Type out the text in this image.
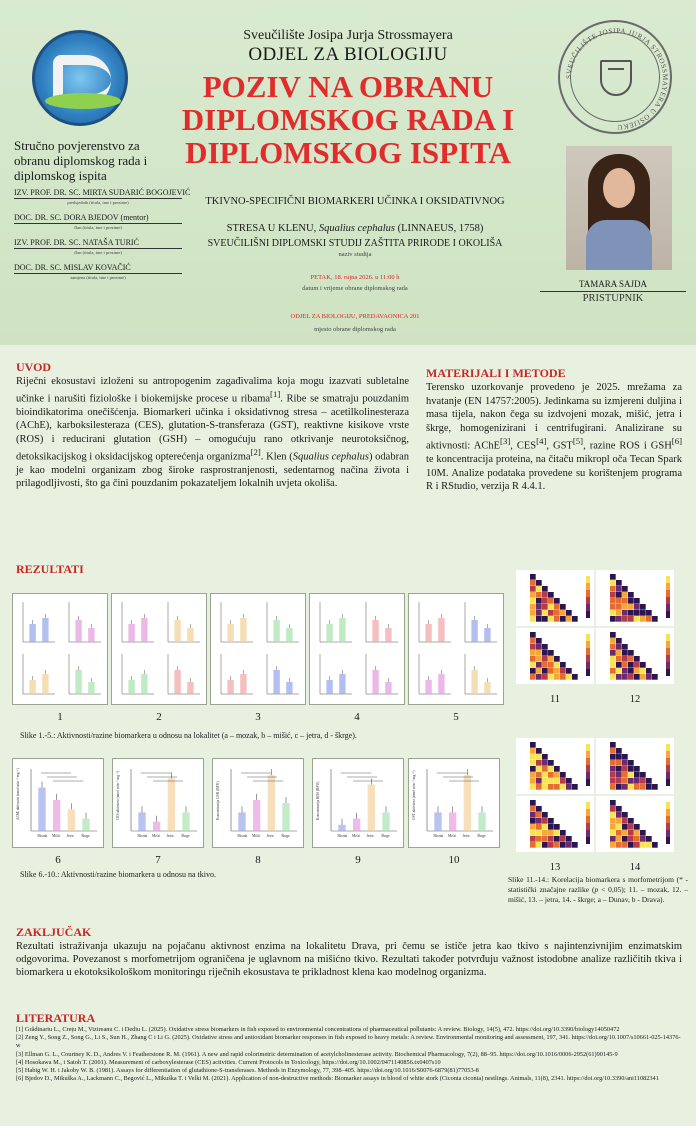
SVEUČILIŠTE JOSIPA JURJA STROSSMAYERA U OSIJEKU
Sveučilište Josipa Jurja Strossmayera
ODJEL ZA BIOLOGIJU
POZIV NA OBRANU
DIPLOMSKOG RADA I
DIPLOMSKOG ISPITA
Stručno povjerenstvo za obranu diplomskog rada i diplomskog ispita
IZV. PROF. DR. SC. MIRTA SUDARIĆ BOGOJEVIĆ
predsjednik (titula, ime i prezime)
DOC. DR. SC. DORA BJEDOV (mentor)
član (titula, ime i prezime)
IZV. PROF. DR. SC. NATAŠA TURIĆ
član (titula, ime i prezime)
DOC. DR. SC. MISLAV KOVAČIĆ
zamjena (titula, ime i prezime)
TKIVNO-SPECIFIČNI BIOMARKERI UČINKA I OKSIDATIVNOG
STRESA U KLENU, Squalius cephalus (LINNAEUS, 1758)
SVEUČILIŠNI DIPLOMSKI STUDIJ ZAŠTITA PRIRODE I OKOLIŠA
naziv studija
PETAK, 18. rujna 2026. u 11:00 h
datum i vrijeme obrane diplomskog rada
ODJEL ZA BIOLOGIJU, PREDAVAONICA 201
mjesto obrane diplomskog rada
TAMARA SAJDA
PRISTUPNIK
UVOD
Riječni ekosustavi izloženi su antropogenim zagađivalima koja mogu izazvati subletalne učinke i narušiti fiziološke i biokemijske procese u ribama[1]. Ribe se smatraju pouzdanim bioindikatorima onečišćenja. Biomarkeri učinka i oksidativnog stresa – acetilkolinesteraza (AChE), karboksilesteraza (CES), glutation-S-transferaza (GST), reaktivne kisikove vrste (ROS) i reducirani glutation (GSH) – omogućuju rano otkrivanje neurotoksičnog, detoksikacijskog i oksidacijskog opterećenja organizma[2]. Klen (Squalius cephalus) odabran je kao modelni organizam zbog široke rasprostranjenosti, sedentarnog načina života i prilagodljivosti, što ga čini pouzdanim pokazateljem lokalnih uvjeta okoliša.
MATERIJALI I METODE
Terensko uzorkovanje provedeno je 2025. mrežama za hvatanje (EN 14757:2005). Jedinkama su izmjereni duljina i masa tijela, nakon čega su izdvojeni mozak, mišić, jetra i škrge, homogenizirani i centrifugirani. Analizirane su aktivnosti: AChE[3], CES[4], GST[5], razine ROS i GSH[6] te koncentracija proteina, na čitaču mikropl oča Tecan Spark 10M. Analize podataka provedene su korištenjem programa R i RStudio, verzija R 4.4.1.
REZULTATI
1	2	3	4	5
Slike 1.-5.: Aktivnosti/razine biomarkera u odnosu na lokalitet (a – mozak, b – mišić, c – jetra, d - škrge).
AChE aktivnost (nmol min⁻¹ mg⁻¹)
Mozak Mišić Jetra Škrge
CES aktivnost (nmol min⁻¹ mg⁻¹)
Mozak Mišić Jetra Škrge
Koncentracija GSH (RFU)
Mozak Mišić Jetra Škrge
Koncentracija ROS (RFU)
Mozak Mišić Jetra Škrge
GST aktivnost (nmol min⁻¹ mg⁻¹)
Mozak Mišić Jetra Škrge
6	7	8	9	10
Slike 6.-10.: Aktivnosti/razine biomarkera u odnosu na tkivo.
11	12
13	14
Slike 11.-14.: Korelacija biomarkera s morfometrijom (* - statistički značajne razlike (p < 0,05); 11. – mozak, 12. – mišić, 13. – jetra, 14. - škrge; a – Dunav, b - Drava).
ZAKLJUČAK
Rezultati istraživanja ukazuju na pojačanu aktivnost enzima na lokalitetu Drava, pri čemu se ističe jetra kao tkivo s najintenzivnijim enzimatskim odgovorima. Povezanost s morfometrijom ograničena je uglavnom na mišićno tkivo. Rezultati također potvrđuju važnost istodobne analize različitih tkiva i biomarkera u ekotoksikološkom monitoringu riječnih ekosustava te prikladnost klena kao modelnog organizma.
LITERATURA
[1] Grădinariu L., Crețu M., Vizireanu C. i Dediu L. (2025). Oxidative stress biomarkers in fish exposed to environmental concentrations of pharmaceutical pollutants: A review. Biology, 14(5), 472. https://doi.org/10.3390/biology14050472
[2] Zeng Y., Song Z., Song G., Li S., Sun H., Zhang C i Li G. (2025). Oxidative stress and antioxidant biomarker responses in fish exposed to heavy metals: A review. Environmental monitoring and assessment, 197, 341. https://doi.org/10.1007/s10661-025-14376-w
[3] Ellman G. L., Courtney K. D., Andres V. i Featherstone R. M. (1961). A new and rapid colorimetric determination of acetylcholinesterase activity. Biochemical Pharmacology, 7(2), 88–95. https://doi.org/10.1016/0006-2952(61)90145-9
[4] Hosokawa M., i Satoh T. (2001). Measurement of carboxylesterase (CES) activities. Current Protocols in Toxicology, https://doi.org/10.1002/0471140856.tx0407s10
[5] Habig W. H. i Jakoby W. B. (1981). Assays for differentiation of glutathione-S-transferases. Methods in Enzymology, 77, 398–405. https://doi.org/10.1016/S0076-6879(81)77053-8
[6] Bjedov D., Mikuška A., Lackmann C., Begović L., Mikuška T. i Velki M. (2021). Application of non-destructive methods: Biomarker assays in blood of white stork (Ciconia ciconia) nestlings. Animals, 11(8), 2341. https://doi.org/10.3390/ani11082341
